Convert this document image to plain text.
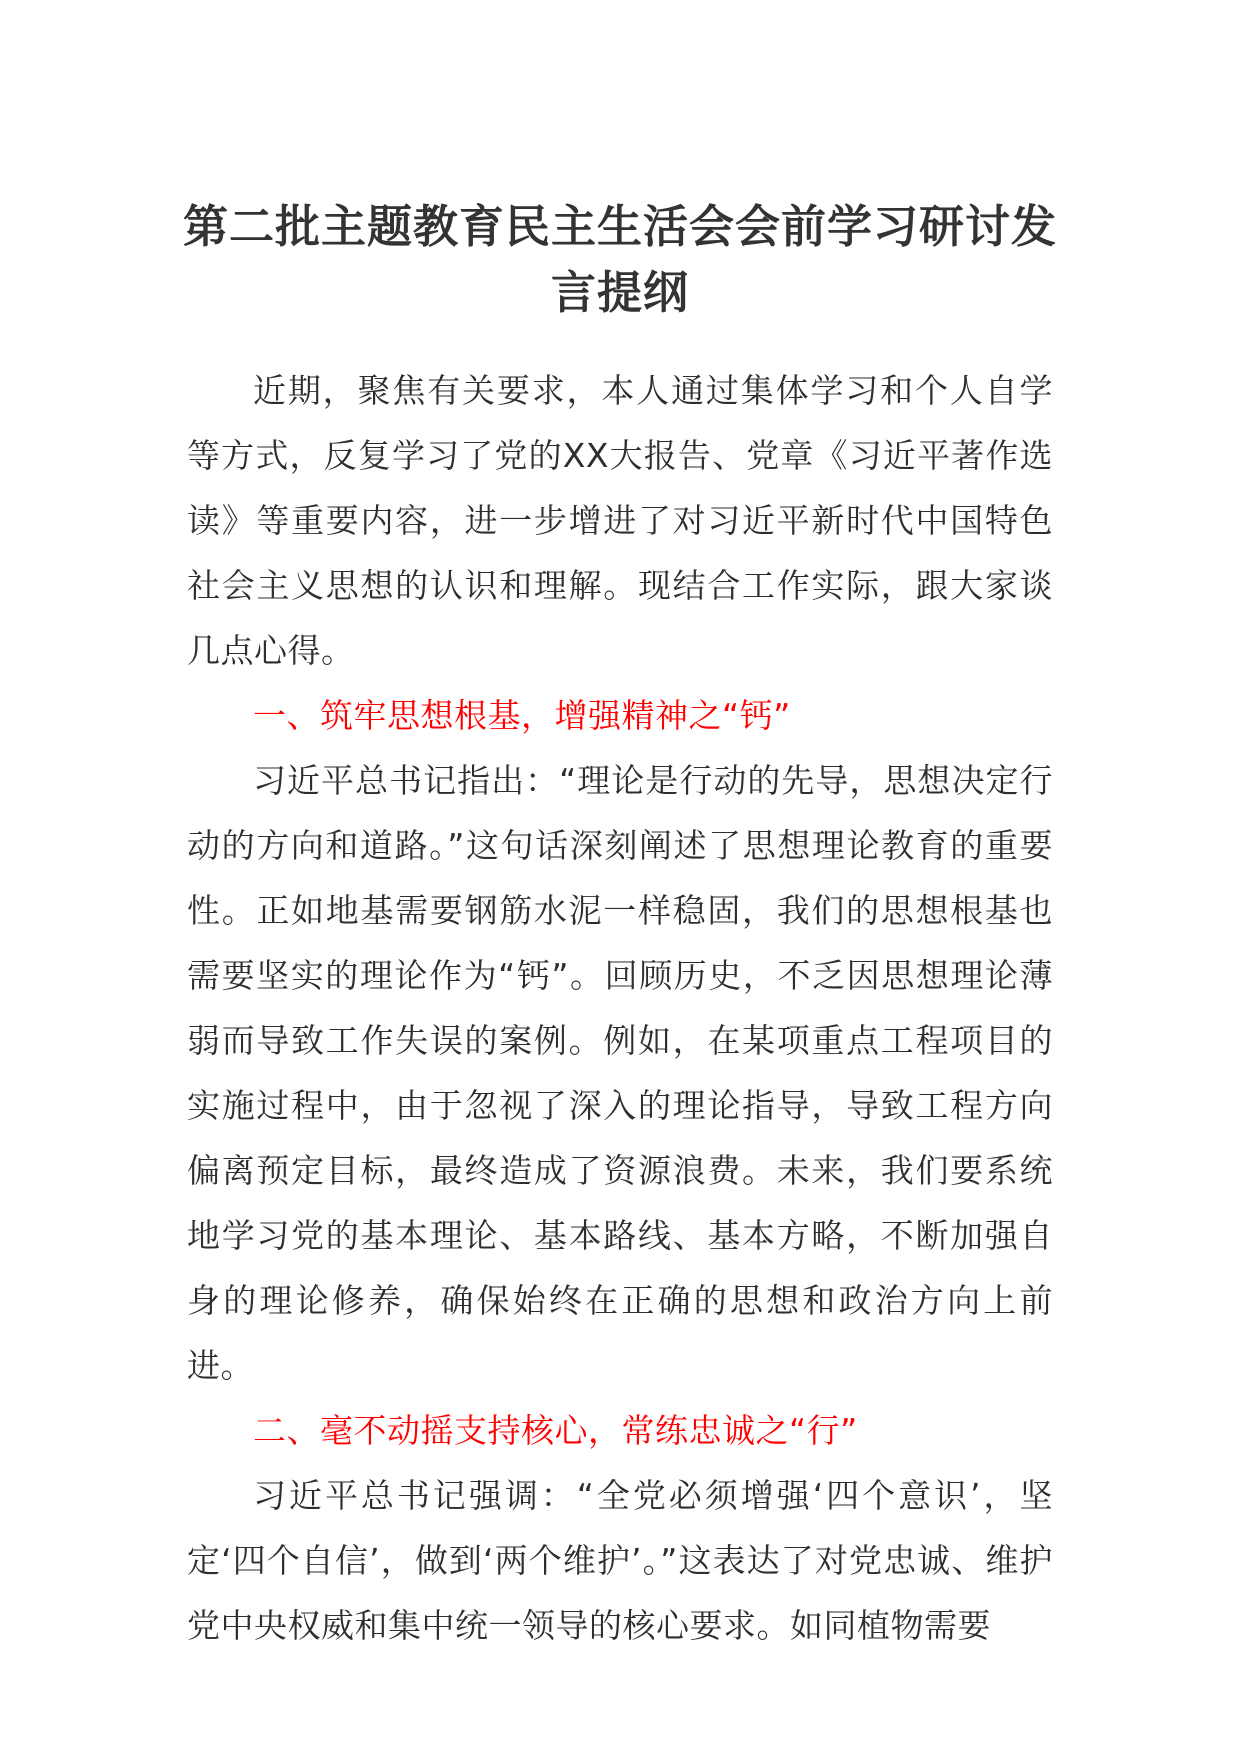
第二批主题教育民主生活会会前学习研讨发言提纲

近期，聚焦有关要求，本人通过集体学习和个人自学等方式，反复学习了党的XX大报告、党章《习近平著作选读》等重要内容，进一步增进了对习近平新时代中国特色社会主义思想的认识和理解。现结合工作实际，跟大家谈几点心得。

一、筑牢思想根基，增强精神之“钙”

习近平总书记指出：“理论是行动的先导，思想决定行动的方向和道路。”这句话深刻阐述了思想理论教育的重要性。正如地基需要钢筋水泥一样稳固，我们的思想根基也需要坚实的理论作为“钙”。回顾历史，不乏因思想理论薄弱而导致工作失误的案例。例如，在某项重点工程项目的实施过程中，由于忽视了深入的理论指导，导致工程方向偏离预定目标，最终造成了资源浪费。未来，我们要系统地学习党的基本理论、基本路线、基本方略，不断加强自身的理论修养，确保始终在正确的思想和政治方向上前进。

二、毫不动摇支持核心，常练忠诚之“行”

习近平总书记强调：“全党必须增强‘四个意识’，坚定‘四个自信’，做到‘两个维护’。”这表达了对党忠诚、维护党中央权威和集中统一领导的核心要求。如同植物需要
